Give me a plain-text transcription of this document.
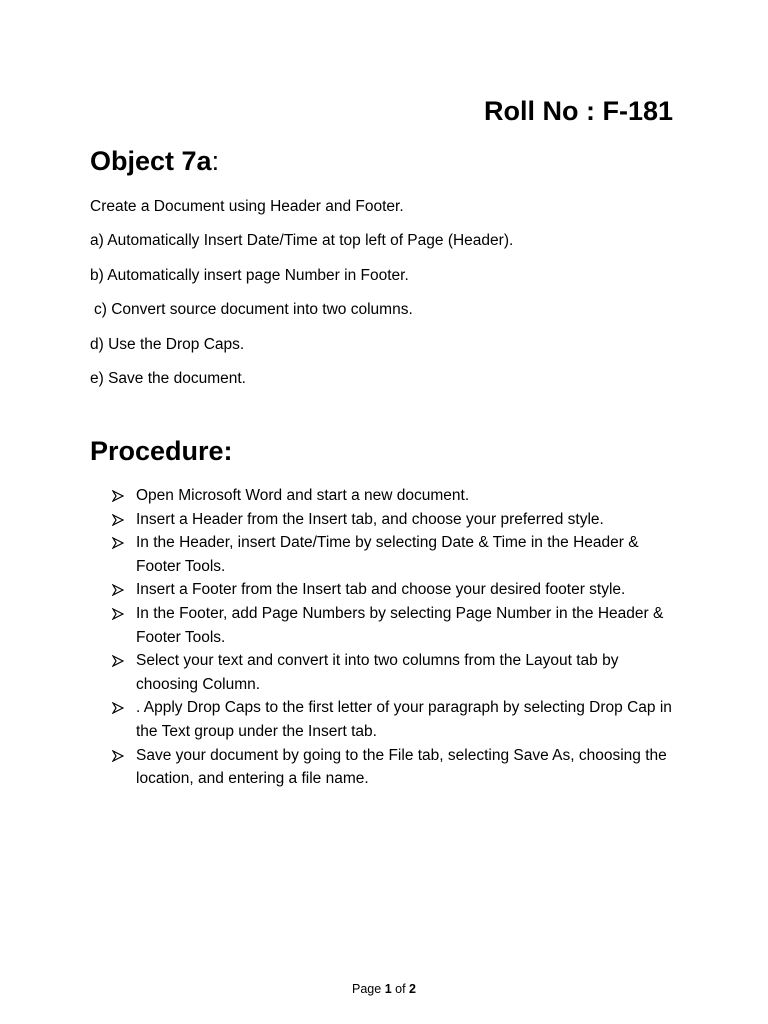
Roll No : F-181
Object 7a:
Create a Document using Header and Footer.
a) Automatically Insert Date/Time at top left of Page (Header).
b) Automatically insert page Number in Footer.
c) Convert source document into two columns.
d) Use the Drop Caps.
e) Save the document.
Procedure:
Open Microsoft Word and start a new document.
Insert a Header from the Insert tab, and choose your preferred style.
In the Header, insert Date/Time by selecting Date & Time in the Header & Footer Tools.
Insert a Footer from the Insert tab and choose your desired footer style.
In the Footer, add Page Numbers by selecting Page Number in the Header & Footer Tools.
Select your text and convert it into two columns from the Layout tab by choosing Column.
. Apply Drop Caps to the first letter of your paragraph by selecting Drop Cap in the Text group under the Insert tab.
Save your document by going to the File tab, selecting Save As, choosing the location, and entering a file name.
Page 1 of 2
